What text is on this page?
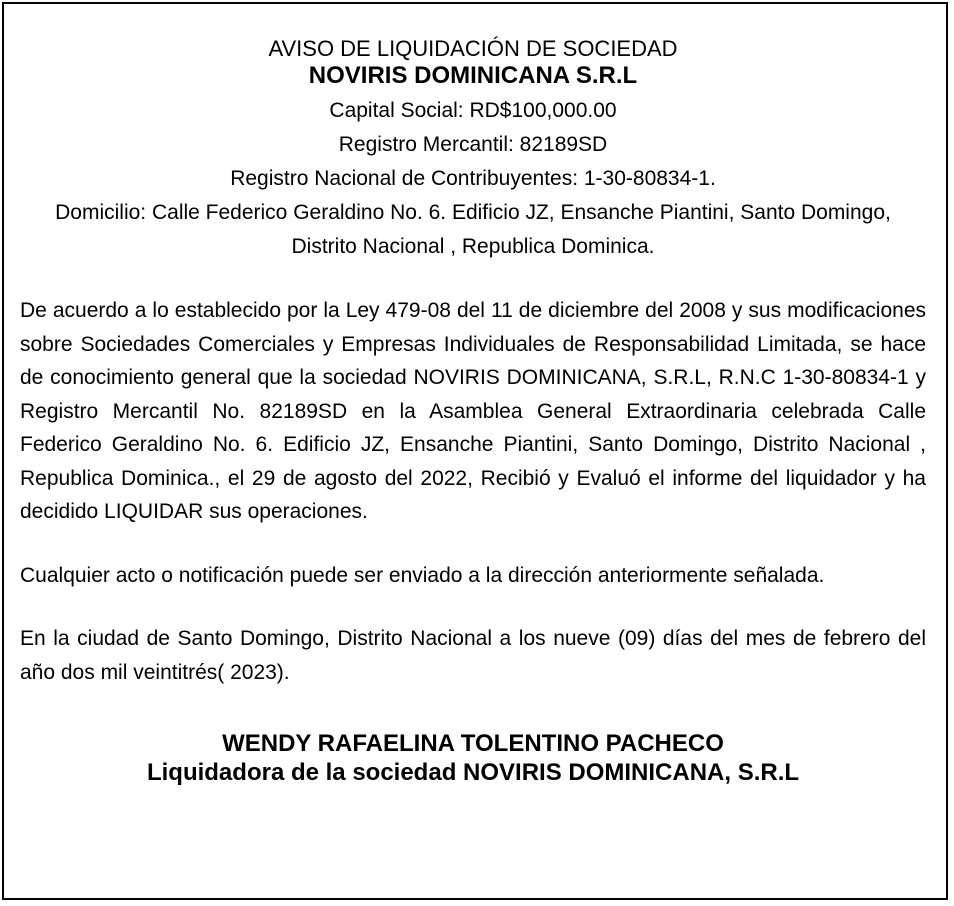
AVISO DE LIQUIDACIÓN DE SOCIEDAD
NOVIRIS DOMINICANA S.R.L
Capital Social: RD$100,000.00
Registro Mercantil: 82189SD
Registro Nacional de Contribuyentes: 1-30-80834-1.
Domicilio: Calle Federico Geraldino No. 6. Edificio JZ, Ensanche Piantini, Santo Domingo, Distrito Nacional , Republica Dominica.

De acuerdo a lo establecido por la Ley 479-08 del 11 de diciembre del 2008 y sus modificaciones sobre Sociedades Comerciales y Empresas Individuales de Responsabilidad Limitada, se hace de conocimiento general que la sociedad NOVIRIS DOMINICANA, S.R.L, R.N.C 1-30-80834-1 y Registro Mercantil No. 82189SD en la Asamblea General Extraordinaria celebrada Calle Federico Geraldino No. 6. Edificio JZ, Ensanche Piantini, Santo Domingo, Distrito Nacional , Republica Dominica., el 29 de agosto del 2022, Recibió y Evaluó el informe del liquidador y ha decidido LIQUIDAR sus operaciones.

Cualquier acto o notificación puede ser enviado a la dirección anteriormente señalada.

En la ciudad de Santo Domingo, Distrito Nacional a los nueve (09) días del mes de febrero del año dos mil veintitrés( 2023).

WENDY RAFAELINA TOLENTINO PACHECO
Liquidadora de la sociedad NOVIRIS DOMINICANA, S.R.L
